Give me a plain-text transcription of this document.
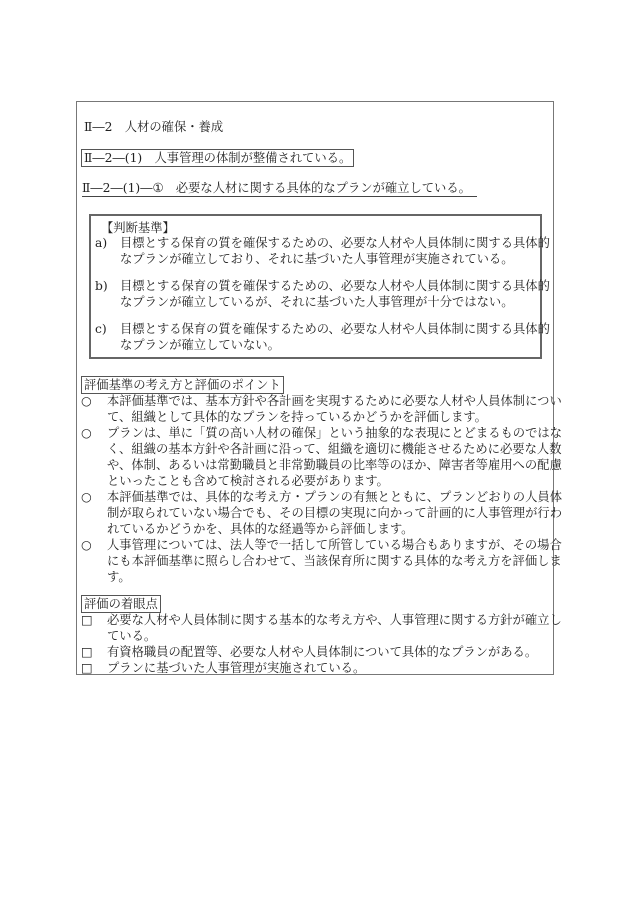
Ⅱ―2　人材の確保・養成
Ⅱ―2―(1)　人事管理の体制が整備されている。
Ⅱ―2―(1)―①　必要な人材に関する具体的なプランが確立している。
【判断基準】
a) 目標とする保育の質を確保するための、必要な人材や人員体制に関する具体的
なプランが確立しており、それに基づいた人事管理が実施されている。
b) 目標とする保育の質を確保するための、必要な人材や人員体制に関する具体的
なプランが確立しているが、それに基づいた人事管理が十分ではない。
c) 目標とする保育の質を確保するための、必要な人材や人員体制に関する具体的
なプランが確立していない。
評価基準の考え方と評価のポイント
○ 本評価基準では、基本方針や各計画を実現するために必要な人材や人員体制につい
て、組織として具体的なプランを持っているかどうかを評価します。
○ プランは、単に「質の高い人材の確保」という抽象的な表現にとどまるものではな
く、組織の基本方針や各計画に沿って、組織を適切に機能させるために必要な人数
や、体制、あるいは常勤職員と非常勤職員の比率等のほか、障害者等雇用への配慮
といったことも含めて検討される必要があります。
○ 本評価基準では、具体的な考え方・プランの有無とともに、プランどおりの人員体
制が取られていない場合でも、その目標の実現に向かって計画的に人事管理が行わ
れているかどうかを、具体的な経過等から評価します。
○ 人事管理については、法人等で一括して所管している場合もありますが、その場合
にも本評価基準に照らし合わせて、当該保育所に関する具体的な考え方を評価しま
す。
評価の着眼点
□ 必要な人材や人員体制に関する基本的な考え方や、人事管理に関する方針が確立し
ている。
□ 有資格職員の配置等、必要な人材や人員体制について具体的なプランがある。
□ プランに基づいた人事管理が実施されている。
